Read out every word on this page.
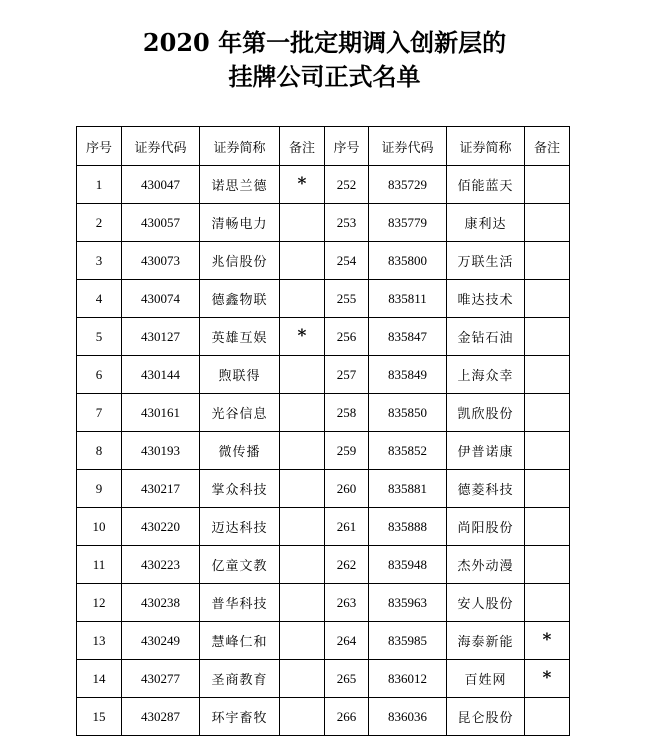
2020 年第一批定期调入创新层的
挂牌公司正式名单
序号	证券代码	证券简称	备注	序号	证券代码	证券简称	备注
1	430047	诺思兰德	*	252	835729	佰能蓝天	
2	430057	清畅电力		253	835779	康利达	
3	430073	兆信股份		254	835800	万联生活	
4	430074	德鑫物联		255	835811	唯达技术	
5	430127	英雄互娱	*	256	835847	金钻石油	
6	430144	煦联得		257	835849	上海众幸	
7	430161	光谷信息		258	835850	凯欣股份	
8	430193	微传播		259	835852	伊普诺康	
9	430217	掌众科技		260	835881	德菱科技	
10	430220	迈达科技		261	835888	尚阳股份	
11	430223	亿童文教		262	835948	杰外动漫	
12	430238	普华科技		263	835963	安人股份	
13	430249	慧峰仁和		264	835985	海泰新能	*
14	430277	圣商教育		265	836012	百姓网	*
15	430287	环宇畜牧		266	836036	昆仑股份	
